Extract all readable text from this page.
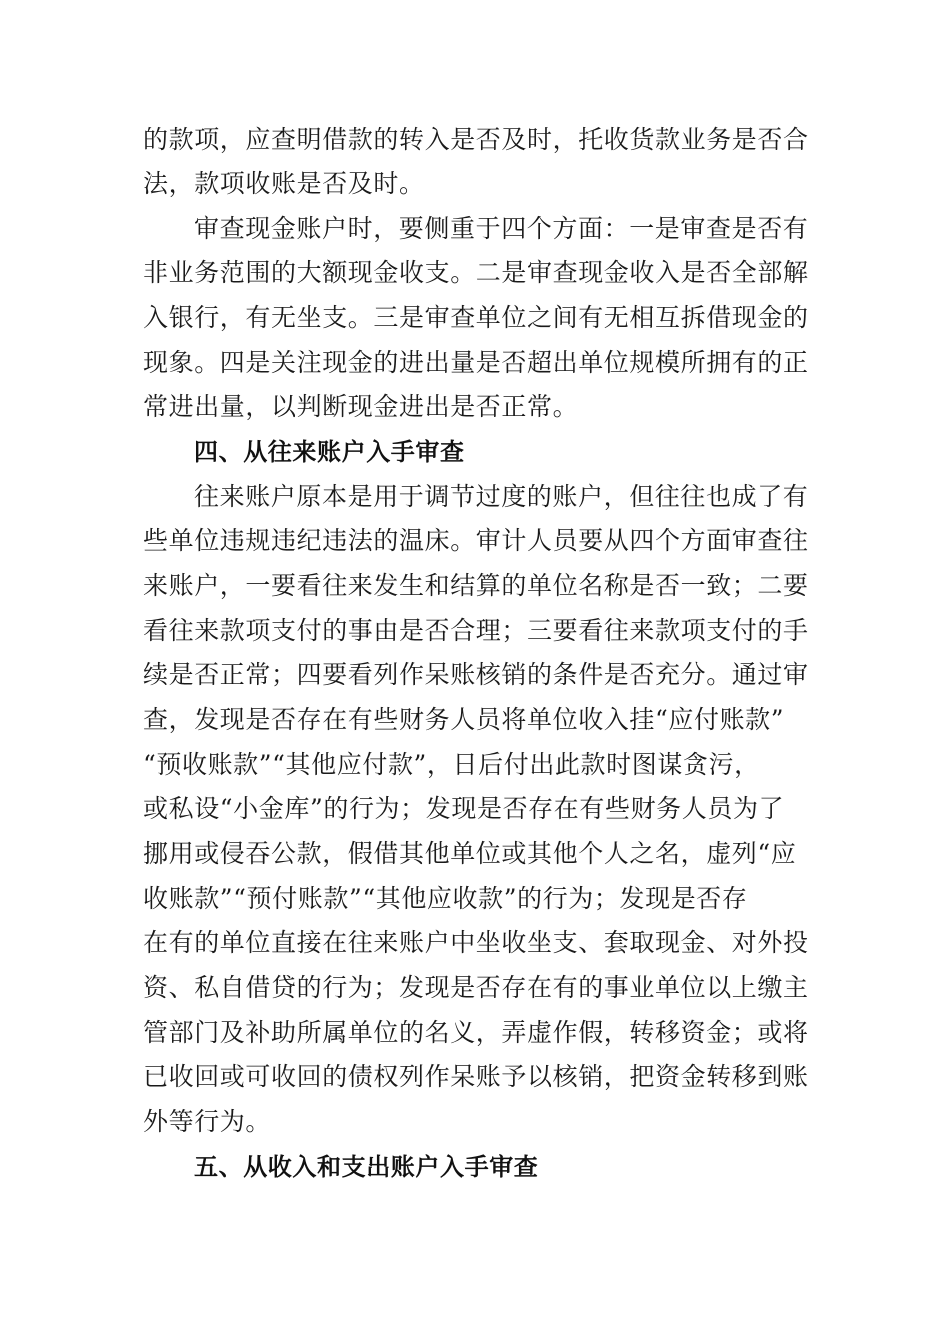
的款项，应查明借款的转入是否及时，托收货款业务是否合
法，款项收账是否及时。
审查现金账户时，要侧重于四个方面：一是审查是否有
非业务范围的大额现金收支。二是审查现金收入是否全部解
入银行，有无坐支。三是审查单位之间有无相互拆借现金的
现象。四是关注现金的进出量是否超出单位规模所拥有的正
常进出量，以判断现金进出是否正常。
四、从往来账户入手审查
往来账户原本是用于调节过度的账户，但往往也成了有
些单位违规违纪违法的温床。审计人员要从四个方面审查往
来账户，一要看往来发生和结算的单位名称是否一致；二要
看往来款项支付的事由是否合理；三要看往来款项支付的手
续是否正常；四要看列作呆账核销的条件是否充分。通过审
查，发现是否存在有些财务人员将单位收入挂“应付账款”
“预收账款”“其他应付款”，日后付出此款时图谋贪污，
或私设“小金库”的行为；发现是否存在有些财务人员为了
挪用或侵吞公款，假借其他单位或其他个人之名，虚列“应
收账款”“预付账款”“其他应收款”的行为；发现是否存
在有的单位直接在往来账户中坐收坐支、套取现金、对外投
资、私自借贷的行为；发现是否存在有的事业单位以上缴主
管部门及补助所属单位的名义，弄虚作假，转移资金；或将
已收回或可收回的债权列作呆账予以核销，把资金转移到账
外等行为。
五、从收入和支出账户入手审查
